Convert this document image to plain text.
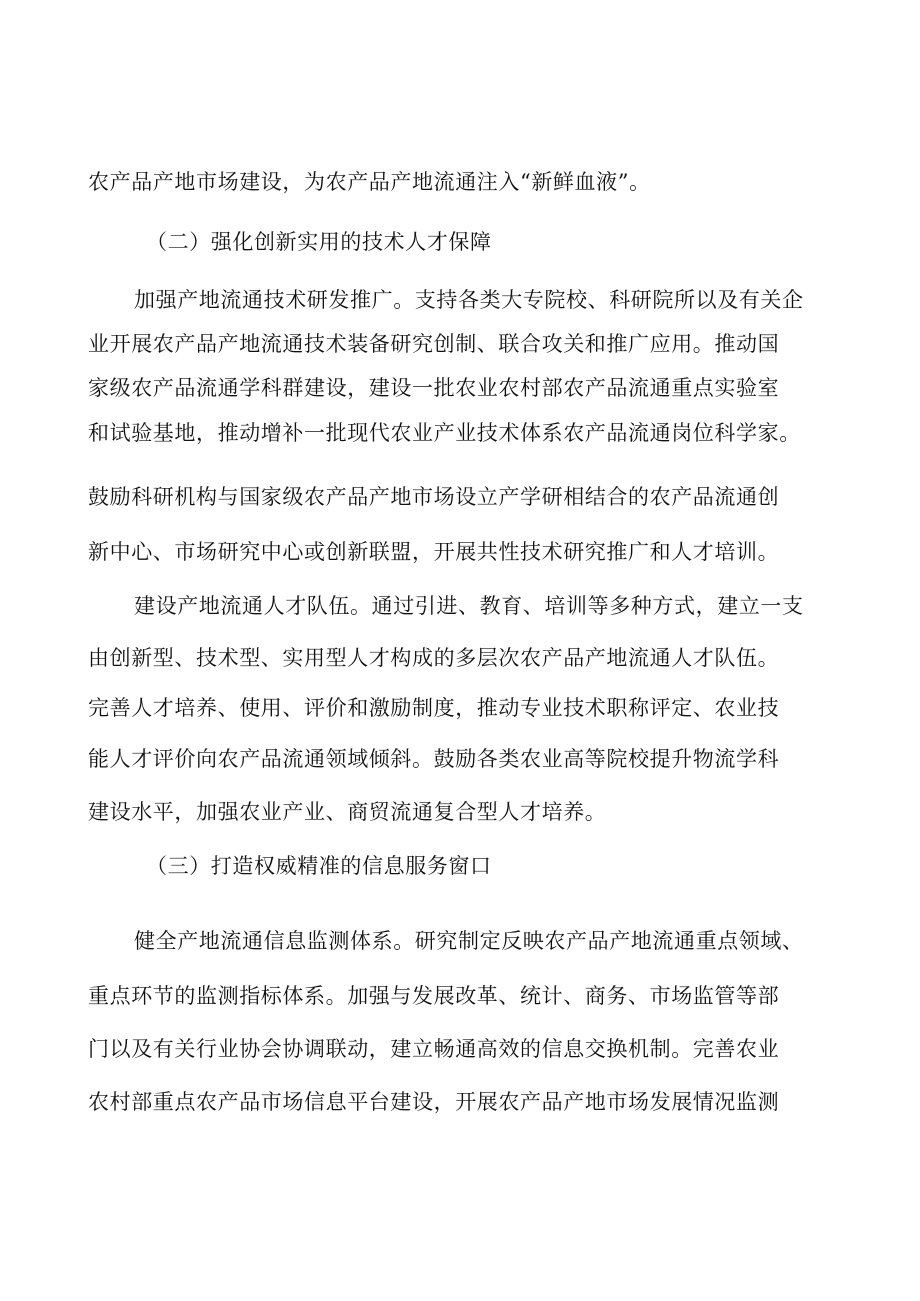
农产品产地市场建设，为农产品产地流通注入“新鲜血液”。
（二）强化创新实用的技术人才保障
加强产地流通技术研发推广。支持各类大专院校、科研院所以及有关企
业开展农产品产地流通技术装备研究创制、联合攻关和推广应用。推动国
家级农产品流通学科群建设，建设一批农业农村部农产品流通重点实验室
和试验基地，推动增补一批现代农业产业技术体系农产品流通岗位科学家。
鼓励科研机构与国家级农产品产地市场设立产学研相结合的农产品流通创
新中心、市场研究中心或创新联盟，开展共性技术研究推广和人才培训。
建设产地流通人才队伍。通过引进、教育、培训等多种方式，建立一支
由创新型、技术型、实用型人才构成的多层次农产品产地流通人才队伍。
完善人才培养、使用、评价和激励制度，推动专业技术职称评定、农业技
能人才评价向农产品流通领域倾斜。鼓励各类农业高等院校提升物流学科
建设水平，加强农业产业、商贸流通复合型人才培养。
（三）打造权威精准的信息服务窗口
健全产地流通信息监测体系。研究制定反映农产品产地流通重点领域、
重点环节的监测指标体系。加强与发展改革、统计、商务、市场监管等部
门以及有关行业协会协调联动，建立畅通高效的信息交换机制。完善农业
农村部重点农产品市场信息平台建设，开展农产品产地市场发展情况监测
